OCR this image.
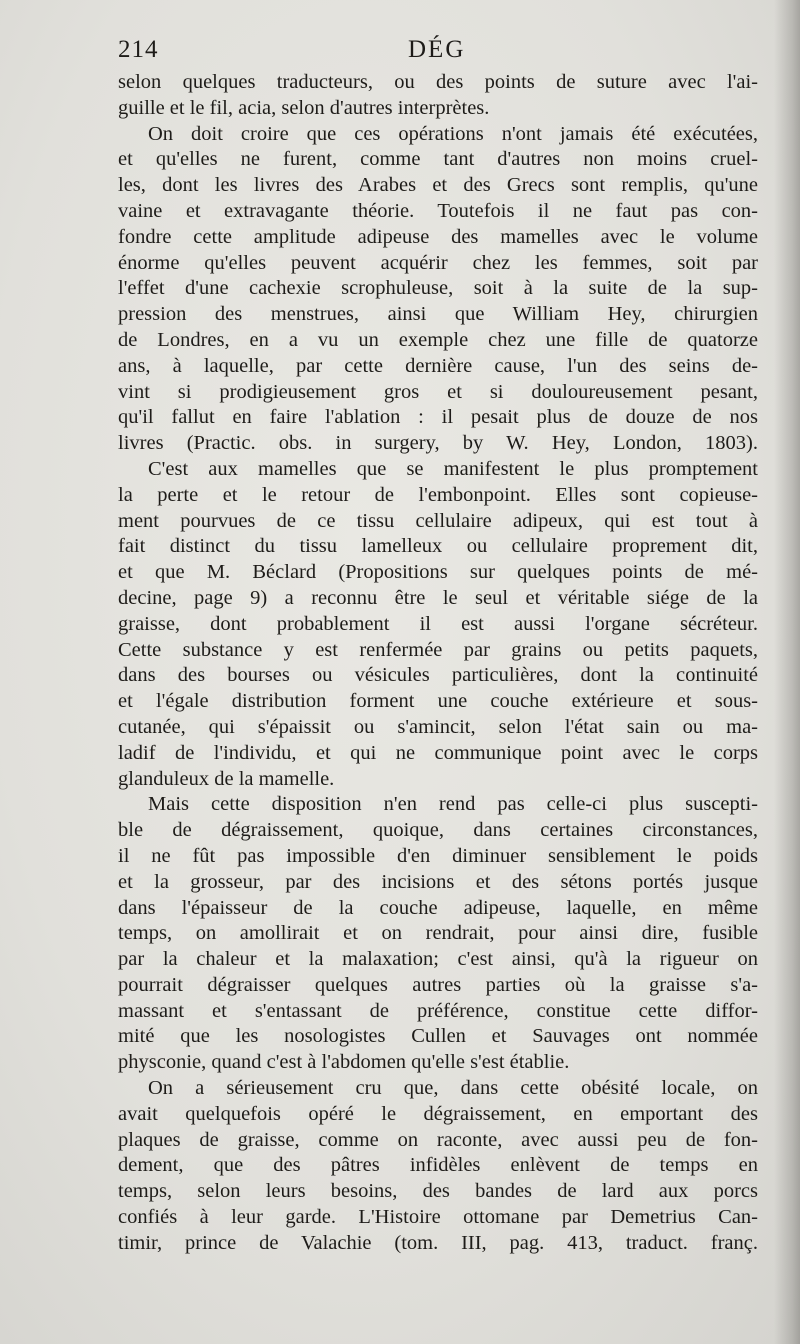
214	DÉG
selon quelques traducteurs, ou des points de suture avec l'ai-
guille et le fil, acia, selon d'autres interprètes.
On doit croire que ces opérations n'ont jamais été exécutées,
et qu'elles ne furent, comme tant d'autres non moins cruel-
les, dont les livres des Arabes et des Grecs sont remplis, qu'une
vaine et extravagante théorie. Toutefois il ne faut pas con-
fondre cette amplitude adipeuse des mamelles avec le volume
énorme qu'elles peuvent acquérir chez les femmes, soit par
l'effet d'une cachexie scrophuleuse, soit à la suite de la sup-
pression des menstrues, ainsi que William Hey, chirurgien
de Londres, en a vu un exemple chez une fille de quatorze
ans, à laquelle, par cette dernière cause, l'un des seins de-
vint si prodigieusement gros et si douloureusement pesant,
qu'il fallut en faire l'ablation : il pesait plus de douze de nos
livres (Practic. obs. in surgery, by W. Hey, London, 1803).
C'est aux mamelles que se manifestent le plus promptement
la perte et le retour de l'embonpoint. Elles sont copieuse-
ment pourvues de ce tissu cellulaire adipeux, qui est tout à
fait distinct du tissu lamelleux ou cellulaire proprement dit,
et que M. Béclard (Propositions sur quelques points de mé-
decine, page 9) a reconnu être le seul et véritable siége de la
graisse, dont probablement il est aussi l'organe sécréteur.
Cette substance y est renfermée par grains ou petits paquets,
dans des bourses ou vésicules particulières, dont la continuité
et l'égale distribution forment une couche extérieure et sous-
cutanée, qui s'épaissit ou s'amincit, selon l'état sain ou ma-
ladif de l'individu, et qui ne communique point avec le corps
glanduleux de la mamelle.
Mais cette disposition n'en rend pas celle-ci plus suscepti-
ble de dégraissement, quoique, dans certaines circonstances,
il ne fût pas impossible d'en diminuer sensiblement le poids
et la grosseur, par des incisions et des sétons portés jusque
dans l'épaisseur de la couche adipeuse, laquelle, en même
temps, on amollirait et on rendrait, pour ainsi dire, fusible
par la chaleur et la malaxation; c'est ainsi, qu'à la rigueur on
pourrait dégraisser quelques autres parties où la graisse s'a-
massant et s'entassant de préférence, constitue cette diffor-
mité que les nosologistes Cullen et Sauvages ont nommée
physconie, quand c'est à l'abdomen qu'elle s'est établie.
On a sérieusement cru que, dans cette obésité locale, on
avait quelquefois opéré le dégraissement, en emportant des
plaques de graisse, comme on raconte, avec aussi peu de fon-
dement, que des pâtres infidèles enlèvent de temps en
temps, selon leurs besoins, des bandes de lard aux porcs
confiés à leur garde. L'Histoire ottomane par Demetrius Can-
timir, prince de Valachie (tom. III, pag. 413, traduct. franç.
